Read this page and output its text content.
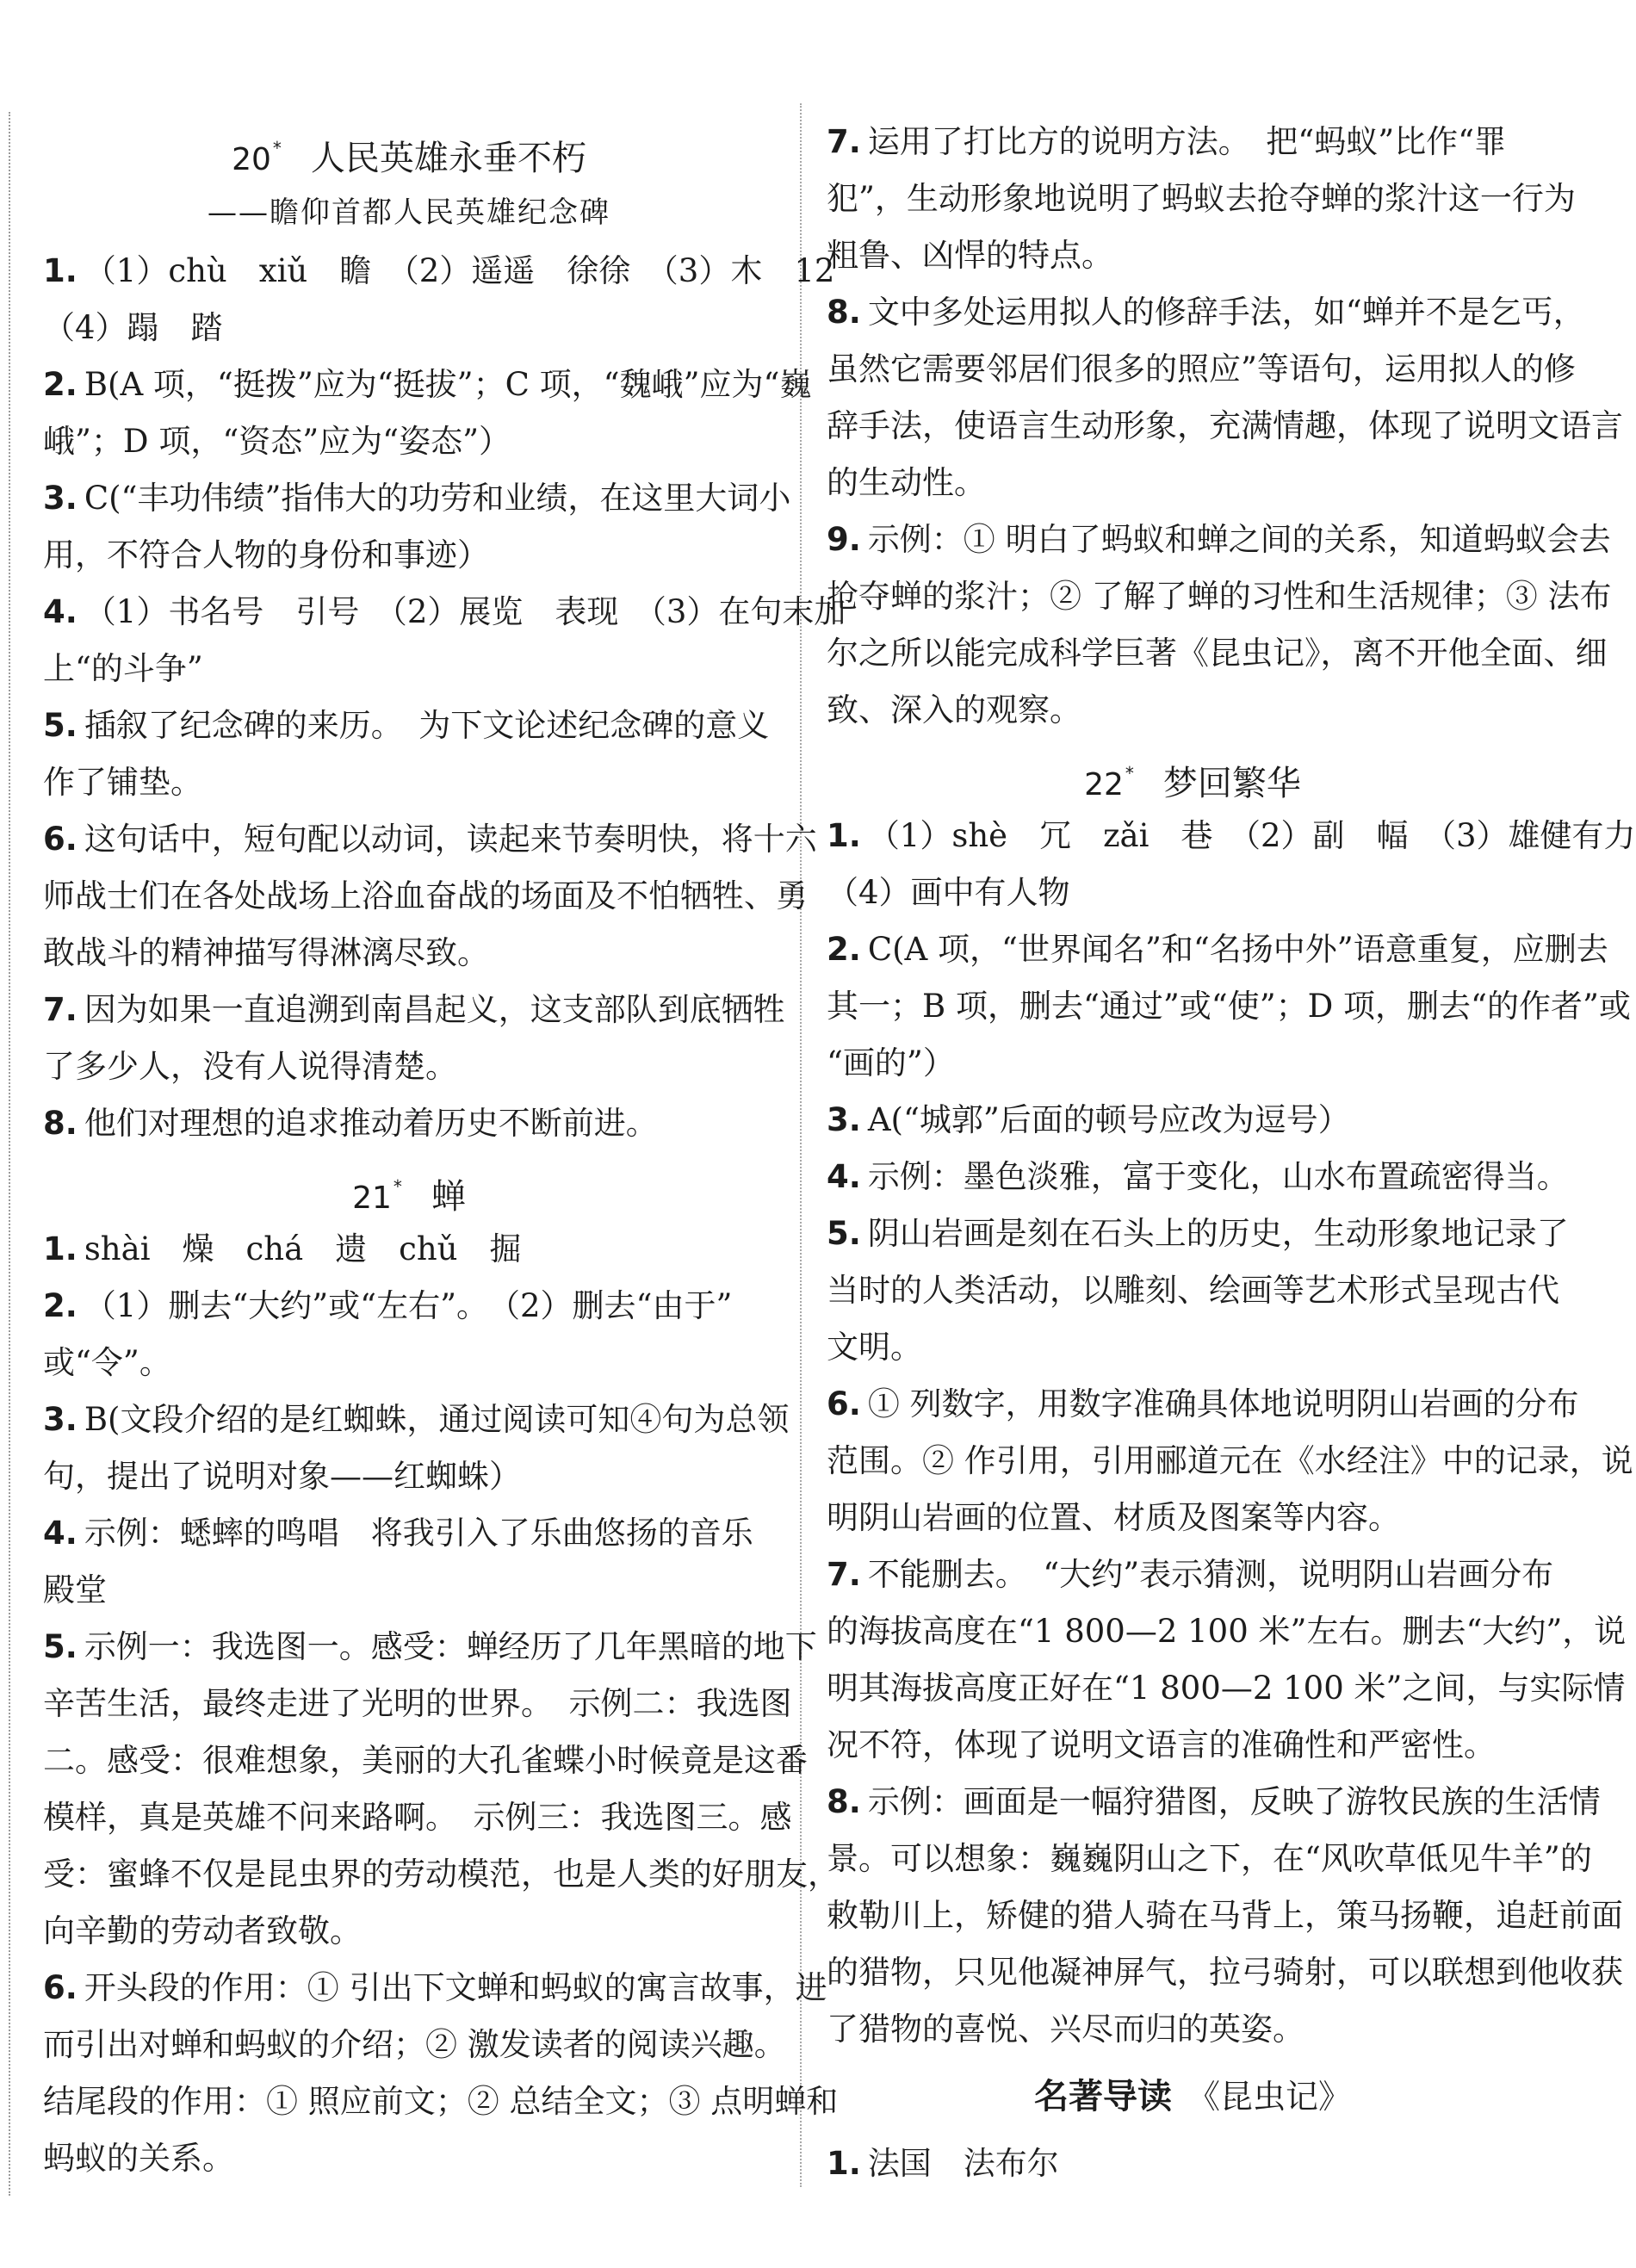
20 * 人民英雄永垂不朽
——瞻仰首都人民英雄纪念碑
1. （1）chù　xiǔ　瞻　（2）遥遥　徐徐　（3）木　12
（4）蹋　踏
2. B(A 项，“挺拨”应为“挺拔”；C 项，“魏峨”应为“巍
峨”；D 项，“资态”应为“姿态”）
3. C(“丰功伟绩”指伟大的功劳和业绩，在这里大词小
用，不符合人物的身份和事迹）
4. （1）书名号　引号　（2）展览　表现　（3）在句末加
上“的斗争”
5. 插叙了纪念碑的来历。　为下文论述纪念碑的意义
作了铺垫。
6. 这句话中，短句配以动词，读起来节奏明快，将十六
师战士们在各处战场上浴血奋战的场面及不怕牺牲、勇
敢战斗的精神描写得淋漓尽致。
7. 因为如果一直追溯到南昌起义，这支部队到底牺牲
了多少人，没有人说得清楚。
8. 他们对理想的追求推动着历史不断前进。
21 * 蝉
1. shài　燥　chá　遗　chǔ　掘
2. （1）删去“大约”或“左右”。　（2）删去“由于”
或“令”。
3. B(文段介绍的是红蜘蛛，通过阅读可知④句为总领
句，提出了说明对象——红蜘蛛）
4. 示例：蟋蟀的鸣唱　将我引入了乐曲悠扬的音乐
殿堂
5. 示例一：我选图一。感受：蝉经历了几年黑暗的地下
辛苦生活，最终走进了光明的世界。　示例二：我选图
二。感受：很难想象，美丽的大孔雀蝶小时候竟是这番
模样，真是英雄不问来路啊。　示例三：我选图三。感
受：蜜蜂不仅是昆虫界的劳动模范，也是人类的好朋友，
向辛勤的劳动者致敬。
6. 开头段的作用：① 引出下文蝉和蚂蚁的寓言故事，进
而引出对蝉和蚂蚁的介绍；② 激发读者的阅读兴趣。
结尾段的作用：① 照应前文；② 总结全文；③ 点明蝉和
蚂蚁的关系。
7. 运用了打比方的说明方法。　把“蚂蚁”比作“罪
犯”，生动形象地说明了蚂蚁去抢夺蝉的浆汁这一行为
粗鲁、凶悍的特点。
8. 文中多处运用拟人的修辞手法，如“蝉并不是乞丐，
虽然它需要邻居们很多的照应”等语句，运用拟人的修
辞手法，使语言生动形象，充满情趣，体现了说明文语言
的生动性。
9. 示例：① 明白了蚂蚁和蝉之间的关系，知道蚂蚁会去
抢夺蝉的浆汁；② 了解了蝉的习性和生活规律；③ 法布
尔之所以能完成科学巨著《昆虫记》，离不开他全面、细
致、深入的观察。
22 * 梦回繁华
1. （1）shè　冗　zǎi　巷　（2）副　幅　（3）雄健有力
（4）画中有人物
2. C(A 项，“世界闻名”和“名扬中外”语意重复，应删去
其一；B 项，删去“通过”或“使”；D 项，删去“的作者”或
“画的”）
3. A(“城郭”后面的顿号应改为逗号）
4. 示例：墨色淡雅，富于变化，山水布置疏密得当。
5. 阴山岩画是刻在石头上的历史，生动形象地记录了
当时的人类活动，以雕刻、绘画等艺术形式呈现古代
文明。
6. ① 列数字，用数字准确具体地说明阴山岩画的分布
范围。② 作引用，引用郦道元在《水经注》中的记录，说
明阴山岩画的位置、材质及图案等内容。
7. 不能删去。　“大约”表示猜测，说明阴山岩画分布
的海拔高度在“1 800—2 100 米”左右。删去“大约”，说
明其海拔高度正好在“1 800—2 100 米”之间，与实际情
况不符，体现了说明文语言的准确性和严密性。
8. 示例：画面是一幅狩猎图，反映了游牧民族的生活情
景。可以想象：巍巍阴山之下，在“风吹草低见牛羊”的
敕勒川上，矫健的猎人骑在马背上，策马扬鞭，追赶前面
的猎物，只见他凝神屏气，拉弓骑射，可以联想到他收获
了猎物的喜悦、兴尽而归的英姿。
名著导读 《昆虫记》
1. 法国　法布尔
